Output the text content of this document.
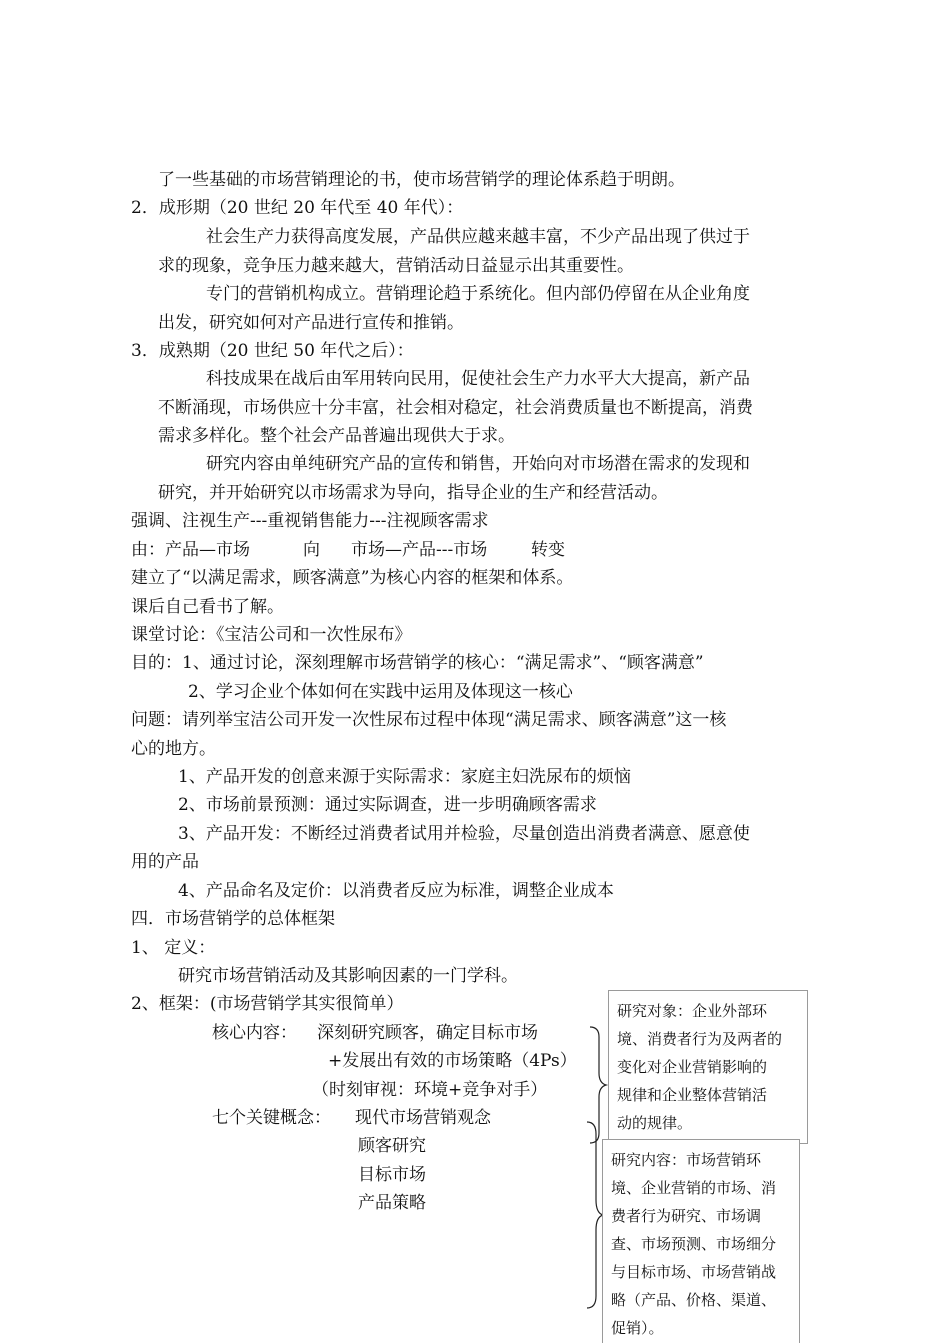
了一些基础的市场营销理论的书，使市场营销学的理论体系趋于明朗。
2．成形期（20 世纪 20 年代至 40 年代）：
社会生产力获得高度发展，产品供应越来越丰富，不少产品出现了供过于
求的现象，竞争压力越来越大，营销活动日益显示出其重要性。
专门的营销机构成立。营销理论趋于系统化。但内部仍停留在从企业角度
出发，研究如何对产品进行宣传和推销。
3．成熟期（20 世纪 50 年代之后）：
科技成果在战后由军用转向民用，促使社会生产力水平大大提高，新产品
不断涌现，市场供应十分丰富，社会相对稳定，社会消费质量也不断提高，消费
需求多样化。整个社会产品普遍出现供大于求。
研究内容由单纯研究产品的宣传和销售，开始向对市场潜在需求的发现和
研究，并开始研究以市场需求为导向，指导企业的生产和经营活动。
强调、注视生产---重视销售能力---注视顾客需求
由：产品—市场	向 市场—产品---市场	转变
建立了“以满足需求，顾客满意”为核心内容的框架和体系。
课后自己看书了解。
课堂讨论：《宝洁公司和一次性尿布》
目的：1、通过讨论，深刻理解市场营销学的核心：“满足需求”、“顾客满意”
2、学习企业个体如何在实践中运用及体现这一核心
问题：请列举宝洁公司开发一次性尿布过程中体现“满足需求、顾客满意”这一核
心的地方。
1、产品开发的创意来源于实际需求：家庭主妇洗尿布的烦恼
2、市场前景预测：通过实际调查，进一步明确顾客需求
3、产品开发：不断经过消费者试用并检验，尽量创造出消费者满意、愿意使
用的产品
4、产品命名及定价：以消费者反应为标准，调整企业成本
四．市场营销学的总体框架
1、 定义：
研究市场营销活动及其影响因素的一门学科。
2、框架：(市场营销学其实很简单）
核心内容： 深刻研究顾客，确定目标市场
+发展出有效的市场策略（4Ps）
（时刻审视：环境+竞争对手）
七个关键概念： 现代市场营销观念
顾客研究
目标市场
产品策略
研究对象：企业外部环
境、消费者行为及两者的
变化对企业营销影响的
规律和企业整体营销活
动的规律。
研究内容：市场营销环
境、企业营销的市场、消
费者行为研究、市场调
查、市场预测、市场细分
与目标市场、市场营销战
略（产品、价格、渠道、
促销）。
